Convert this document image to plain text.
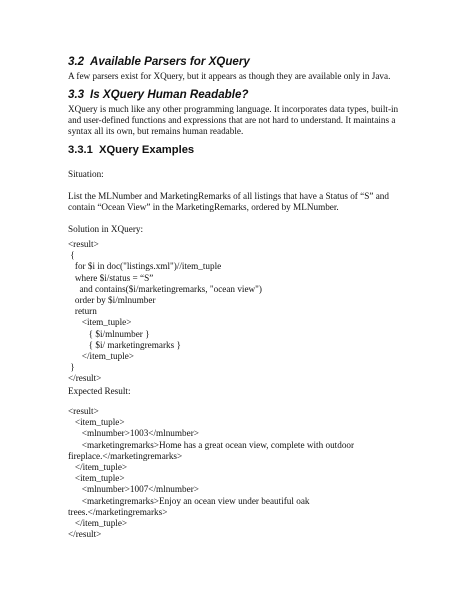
3.2 Available Parsers for XQuery
A few parsers exist for XQuery, but it appears as though they are available only in Java.
3.3 Is XQuery Human Readable?
XQuery is much like any other programming language. It incorporates data types, built-in
and user-defined functions and expressions that are not hard to understand. It maintains a
syntax all its own, but remains human readable.
3.3.1 XQuery Examples
Situation:
List the MLNumber and MarketingRemarks of all listings that have a Status of “S” and
contain “Ocean View” in the MarketingRemarks, ordered by MLNumber.
Solution in XQuery:
<result>
{
for $i in doc("listings.xml")//item_tuple
where $i/status = “S”
and contains($i/marketingremarks, "ocean view")
order by $i/mlnumber
return
<item_tuple>
{ $i/mlnumber }
{ $i/ marketingremarks }
</item_tuple>
}
</result>
Expected Result:
<result>
<item_tuple>
<mlnumber>1003</mlnumber>
<marketingremarks>Home has a great ocean view, complete with outdoor
fireplace.</marketingremarks>
</item_tuple>
<item_tuple>
<mlnumber>1007</mlnumber>
<marketingremarks>Enjoy an ocean view under beautiful oak
trees.</marketingremarks>
</item_tuple>
</result>
